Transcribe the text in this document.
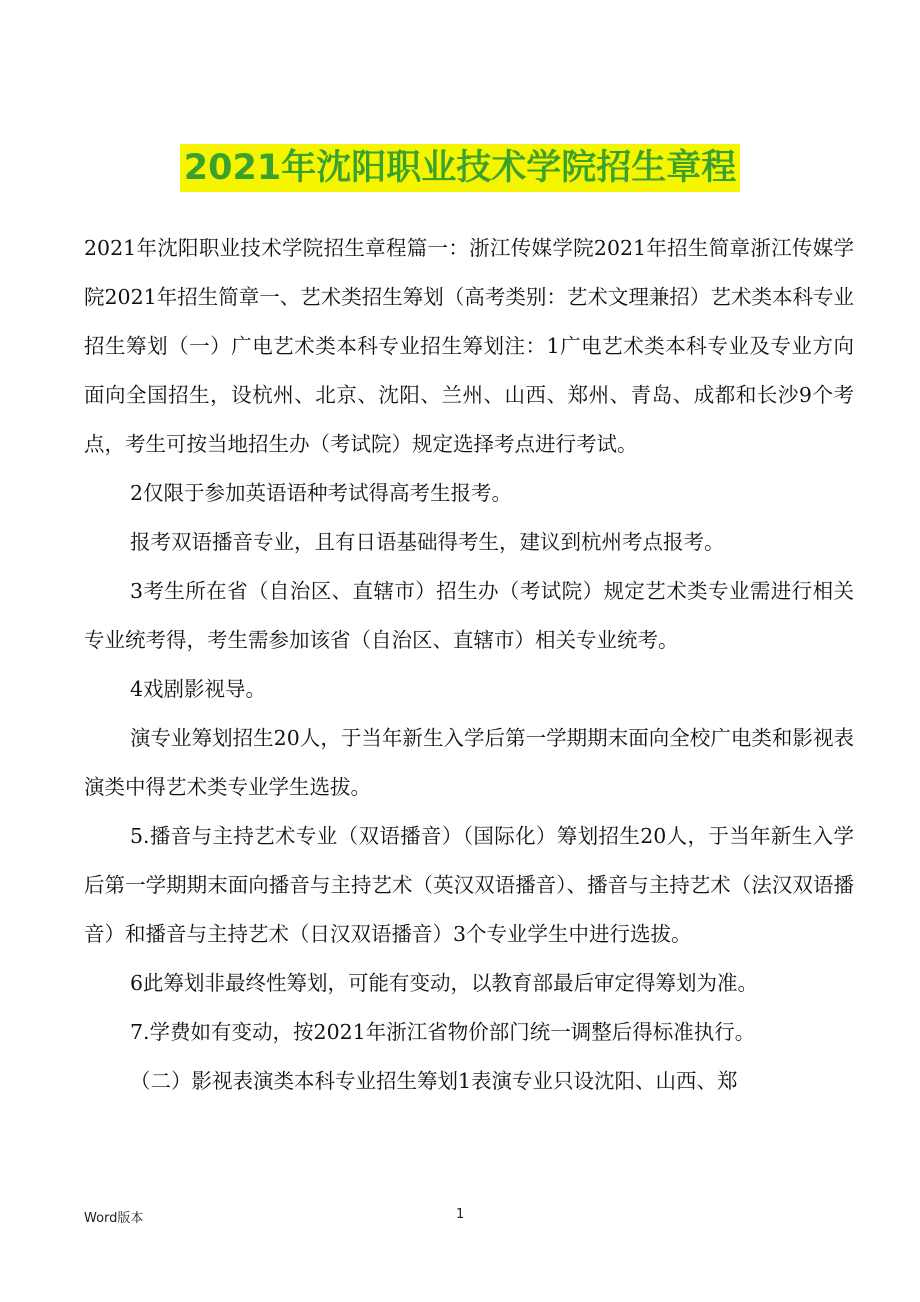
2021年沈阳职业技术学院招生章程

2021年沈阳职业技术学院招生章程篇一：浙江传媒学院2021年招生简章浙江传媒学院2021年招生简章一、艺术类招生筹划（高考类别：艺术文理兼招）艺术类本科专业招生筹划（一）广电艺术类本科专业招生筹划注：1广电艺术类本科专业及专业方向面向全国招生，设杭州、北京、沈阳、兰州、山西、郑州、青岛、成都和长沙9个考点，考生可按当地招生办（考试院）规定选择考点进行考试。

2仅限于参加英语语种考试得高考生报考。

报考双语播音专业，且有日语基础得考生，建议到杭州考点报考。

3考生所在省（自治区、直辖市）招生办（考试院）规定艺术类专业需进行相关专业统考得，考生需参加该省（自治区、直辖市）相关专业统考。

4戏剧影视导。

演专业筹划招生20人，于当年新生入学后第一学期期末面向全校广电类和影视表演类中得艺术类专业学生选拔。

5.播音与主持艺术专业（双语播音）（国际化）筹划招生20人，于当年新生入学后第一学期期末面向播音与主持艺术（英汉双语播音）、播音与主持艺术（法汉双语播音）和播音与主持艺术（日汉双语播音）3个专业学生中进行选拔。

6此筹划非最终性筹划，可能有变动，以教育部最后审定得筹划为准。

7.学费如有变动，按2021年浙江省物价部门统一调整后得标准执行。

（二）影视表演类本科专业招生筹划1表演专业只设沈阳、山西、郑

Word版本	1
